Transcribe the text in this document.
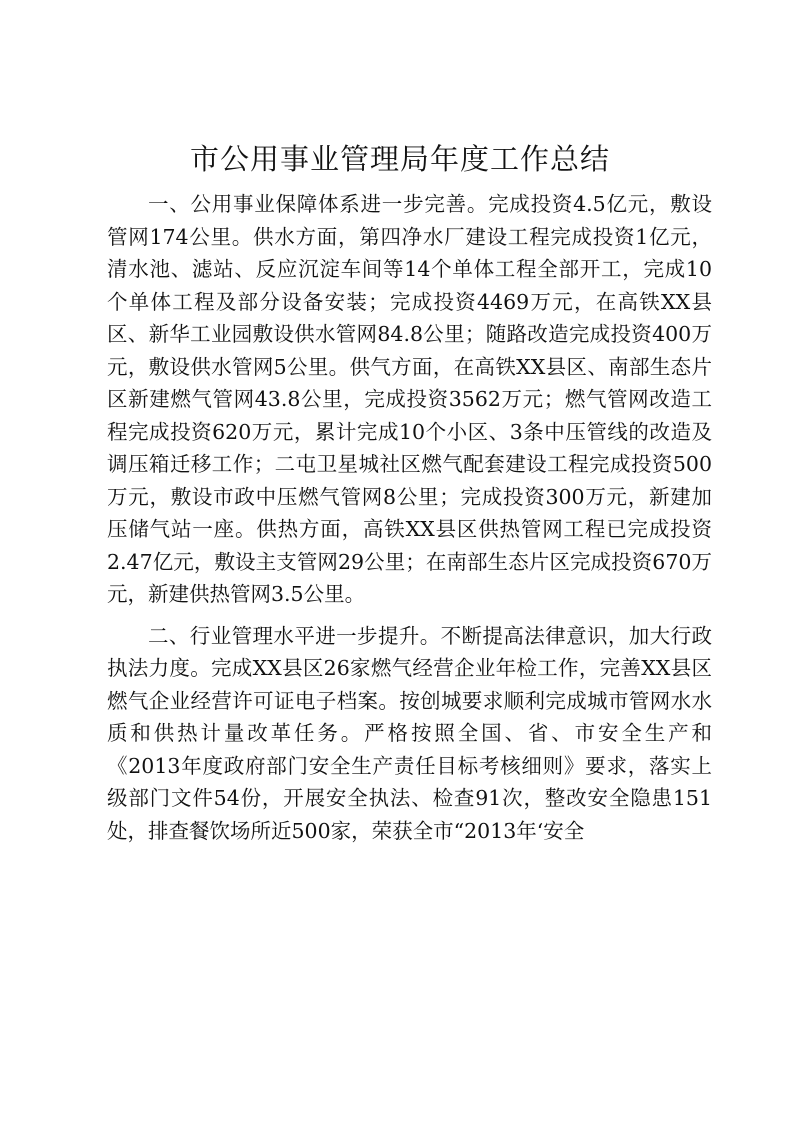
市公用事业管理局年度工作总结

一、公用事业保障体系进一步完善。完成投资4.5亿元，敷设管网174公里。供水方面，第四净水厂建设工程完成投资1亿元，清水池、滤站、反应沉淀车间等14个单体工程全部开工，完成10个单体工程及部分设备安装；完成投资4469万元，在高铁XX县区、新华工业园敷设供水管网84.8公里；随路改造完成投资400万元，敷设供水管网5公里。供气方面，在高铁XX县区、南部生态片区新建燃气管网43.8公里，完成投资3562万元；燃气管网改造工程完成投资620万元，累计完成10个小区、3条中压管线的改造及调压箱迁移工作；二屯卫星城社区燃气配套建设工程完成投资500万元，敷设市政中压燃气管网8公里；完成投资300万元，新建加压储气站一座。供热方面，高铁XX县区供热管网工程已完成投资2.47亿元，敷设主支管网29公里；在南部生态片区完成投资670万元，新建供热管网3.5公里。

二、行业管理水平进一步提升。不断提高法律意识，加大行政执法力度。完成XX县区26家燃气经营企业年检工作，完善XX县区燃气企业经营许可证电子档案。按创城要求顺利完成城市管网水水质和供热计量改革任务。严格按照全国、省、市安全生产和《2013年度政府部门安全生产责任目标考核细则》要求，落实上级部门文件54份，开展安全执法、检查91次，整改安全隐患151处，排查餐饮场所近500家，荣获全市“2013年‘安全
